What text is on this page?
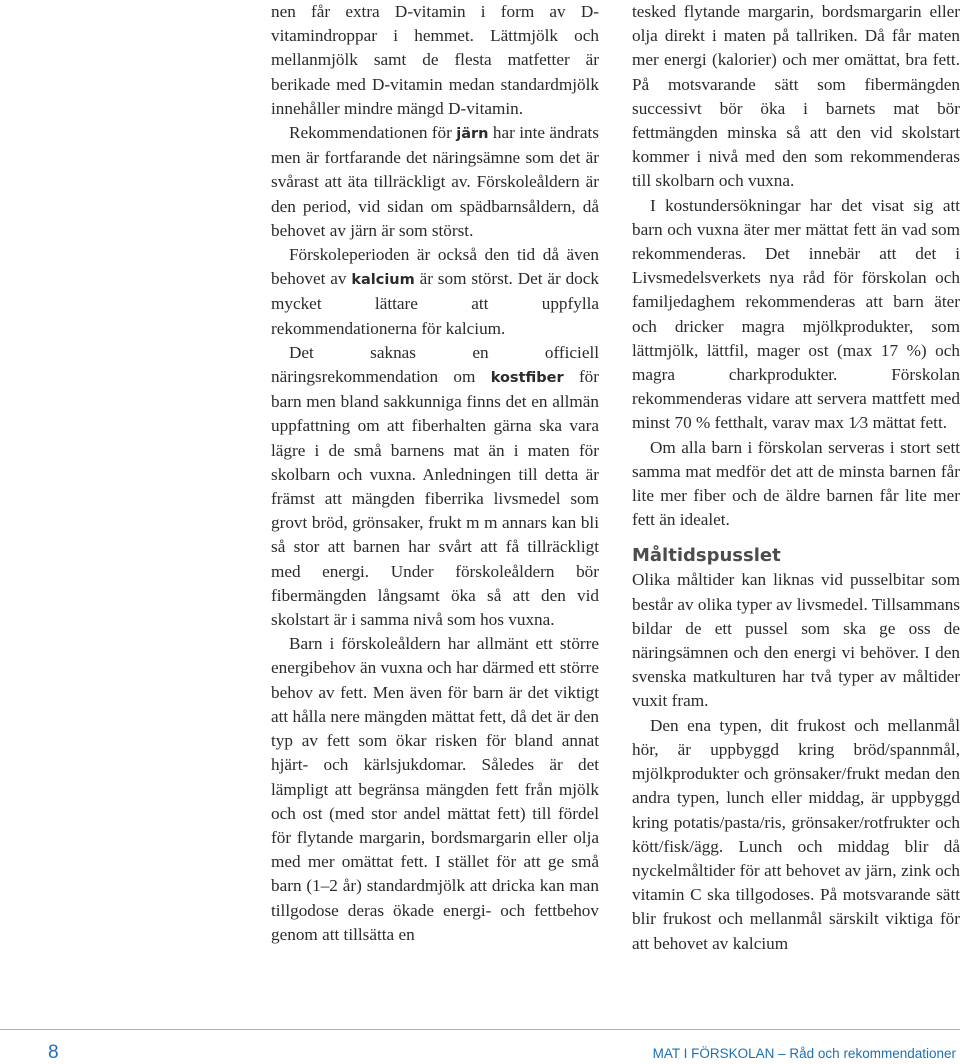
nen får extra D-vitamin i form av D-vitamindroppar i hemmet. Lättmjölk och mellanmjölk samt de flesta matfetter är berikade med D-vitamin medan standardmjölk innehåller mindre mängd D-vitamin.

Rekommendationen för järn har inte ändrats men är fortfarande det näringsämne som det är svårast att äta tillräckligt av. Förskoleåldern är den period, vid sidan om spädbarnsåldern, då behovet av järn är som störst.

Förskoleperioden är också den tid då även behovet av kalcium är som störst. Det är dock mycket lättare att uppfylla rekommendationerna för kalcium.

Det saknas en officiell näringsrekommendation om kostfiber för barn men bland sakkunniga finns det en allmän uppfattning om att fiberhalten gärna ska vara lägre i de små barnens mat än i maten för skolbarn och vuxna. Anledningen till detta är främst att mängden fiberrika livsmedel som grovt bröd, grönsaker, frukt m m annars kan bli så stor att barnen har svårt att få tillräckligt med energi. Under förskoleåldern bör fibermängden långsamt öka så att den vid skolstart är i samma nivå som hos vuxna.

Barn i förskoleåldern har allmänt ett större energibehov än vuxna och har därmed ett större behov av fett. Men även för barn är det viktigt att hålla nere mängden mättat fett, då det är den typ av fett som ökar risken för bland annat hjärt- och kärlsjukdomar. Således är det lämpligt att begränsa mängden fett från mjölk och ost (med stor andel mättat fett) till fördel för flytande margarin, bordsmargarin eller olja med mer omättat fett. I stället för att ge små barn (1–2 år) standardmjölk att dricka kan man tillgodose deras ökade energi- och fettbehov genom att tillsätta en

tesked flytande margarin, bordsmargarin eller olja direkt i maten på tallriken. Då får maten mer energi (kalorier) och mer omättat, bra fett. På motsvarande sätt som fibermängden successivt bör öka i barnets mat bör fettmängden minska så att den vid skolstart kommer i nivå med den som rekommenderas till skolbarn och vuxna.

I kostundersökningar har det visat sig att barn och vuxna äter mer mättat fett än vad som rekommenderas. Det innebär att det i Livsmedelsverkets nya råd för förskolan och familjedaghem rekommenderas att barn äter och dricker magra mjölkprodukter, som lättmjölk, lättfil, mager ost (max 17 %) och magra charkprodukter. Förskolan rekommenderas vidare att servera mattfett med minst 70 % fetthalt, varav max 1⁄3 mättat fett.

Om alla barn i förskolan serveras i stort sett samma mat medför det att de minsta barnen får lite mer fiber och de äldre barnen får lite mer fett än idealet.

Måltidspusslet

Olika måltider kan liknas vid pusselbitar som består av olika typer av livsmedel. Tillsammans bildar de ett pussel som ska ge oss de näringsämnen och den energi vi behöver. I den svenska matkulturen har två typer av måltider vuxit fram.

Den ena typen, dit frukost och mellanmål hör, är uppbyggd kring bröd/spannmål, mjölkprodukter och grönsaker/frukt medan den andra typen, lunch eller middag, är uppbyggd kring potatis/pasta/ris, grönsaker/rotfrukter och kött/fisk/ägg. Lunch och middag blir då nyckelmåltider för att behovet av järn, zink och vitamin C ska tillgodoses. På motsvarande sätt blir frukost och mellanmål särskilt viktiga för att behovet av kalcium

8	MAT I FÖRSKOLAN – Råd och rekommendationer
